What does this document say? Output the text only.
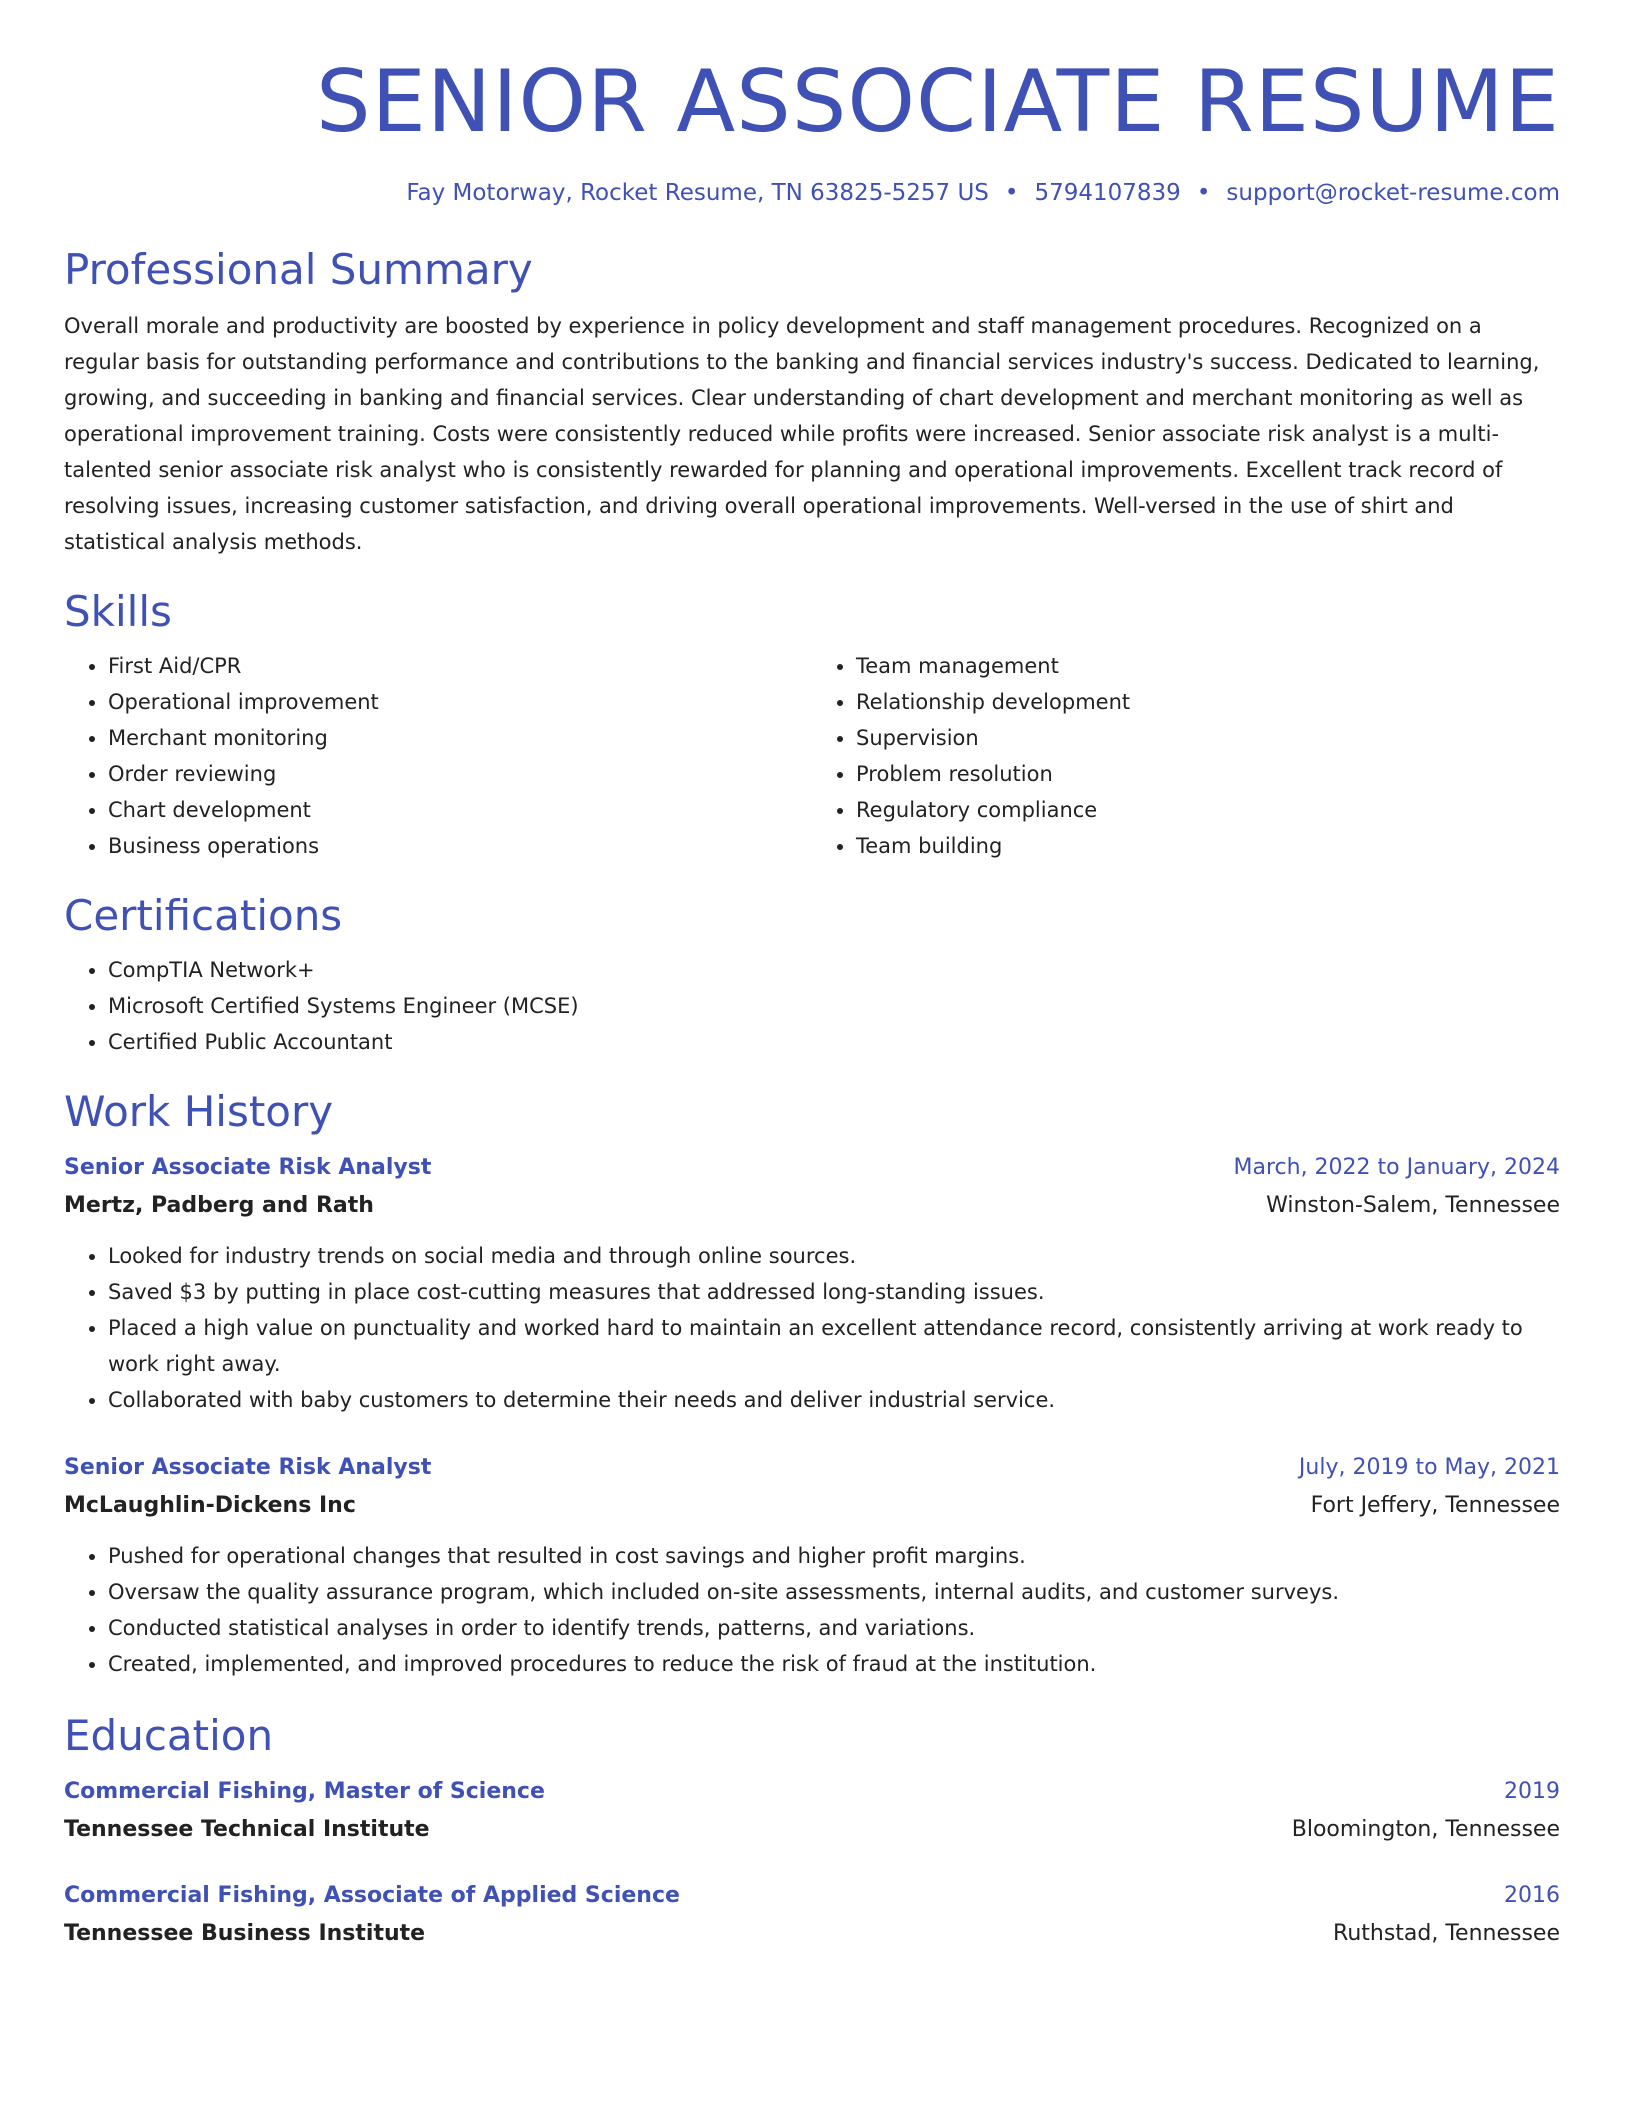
SENIOR ASSOCIATE RESUME
Fay Motorway, Rocket Resume, TN 63825-5257 US • 5794107839 • support@rocket-resume.com
Professional Summary
Overall morale and productivity are boosted by experience in policy development and staff management procedures. Recognized on a regular basis for outstanding performance and contributions to the banking and financial services industry's success. Dedicated to learning, growing, and succeeding in banking and financial services. Clear understanding of chart development and merchant monitoring as well as operational improvement training. Costs were consistently reduced while profits were increased. Senior associate risk analyst is a multi-talented senior associate risk analyst who is consistently rewarded for planning and operational improvements. Excellent track record of resolving issues, increasing customer satisfaction, and driving overall operational improvements. Well-versed in the use of shirt and statistical analysis methods.
Skills
• First Aid/CPR
• Operational improvement
• Merchant monitoring
• Order reviewing
• Chart development
• Business operations
• Team management
• Relationship development
• Supervision
• Problem resolution
• Regulatory compliance
• Team building
Certifications
• CompTIA Network+
• Microsoft Certified Systems Engineer (MCSE)
• Certified Public Accountant
Work History
Senior Associate Risk Analyst	March, 2022 to January, 2024
Mertz, Padberg and Rath	Winston-Salem, Tennessee
• Looked for industry trends on social media and through online sources.
• Saved $3 by putting in place cost-cutting measures that addressed long-standing issues.
• Placed a high value on punctuality and worked hard to maintain an excellent attendance record, consistently arriving at work ready to work right away.
• Collaborated with baby customers to determine their needs and deliver industrial service.
Senior Associate Risk Analyst	July, 2019 to May, 2021
McLaughlin-Dickens Inc	Fort Jeffery, Tennessee
• Pushed for operational changes that resulted in cost savings and higher profit margins.
• Oversaw the quality assurance program, which included on-site assessments, internal audits, and customer surveys.
• Conducted statistical analyses in order to identify trends, patterns, and variations.
• Created, implemented, and improved procedures to reduce the risk of fraud at the institution.
Education
Commercial Fishing, Master of Science	2019
Tennessee Technical Institute	Bloomington, Tennessee
Commercial Fishing, Associate of Applied Science	2016
Tennessee Business Institute	Ruthstad, Tennessee
